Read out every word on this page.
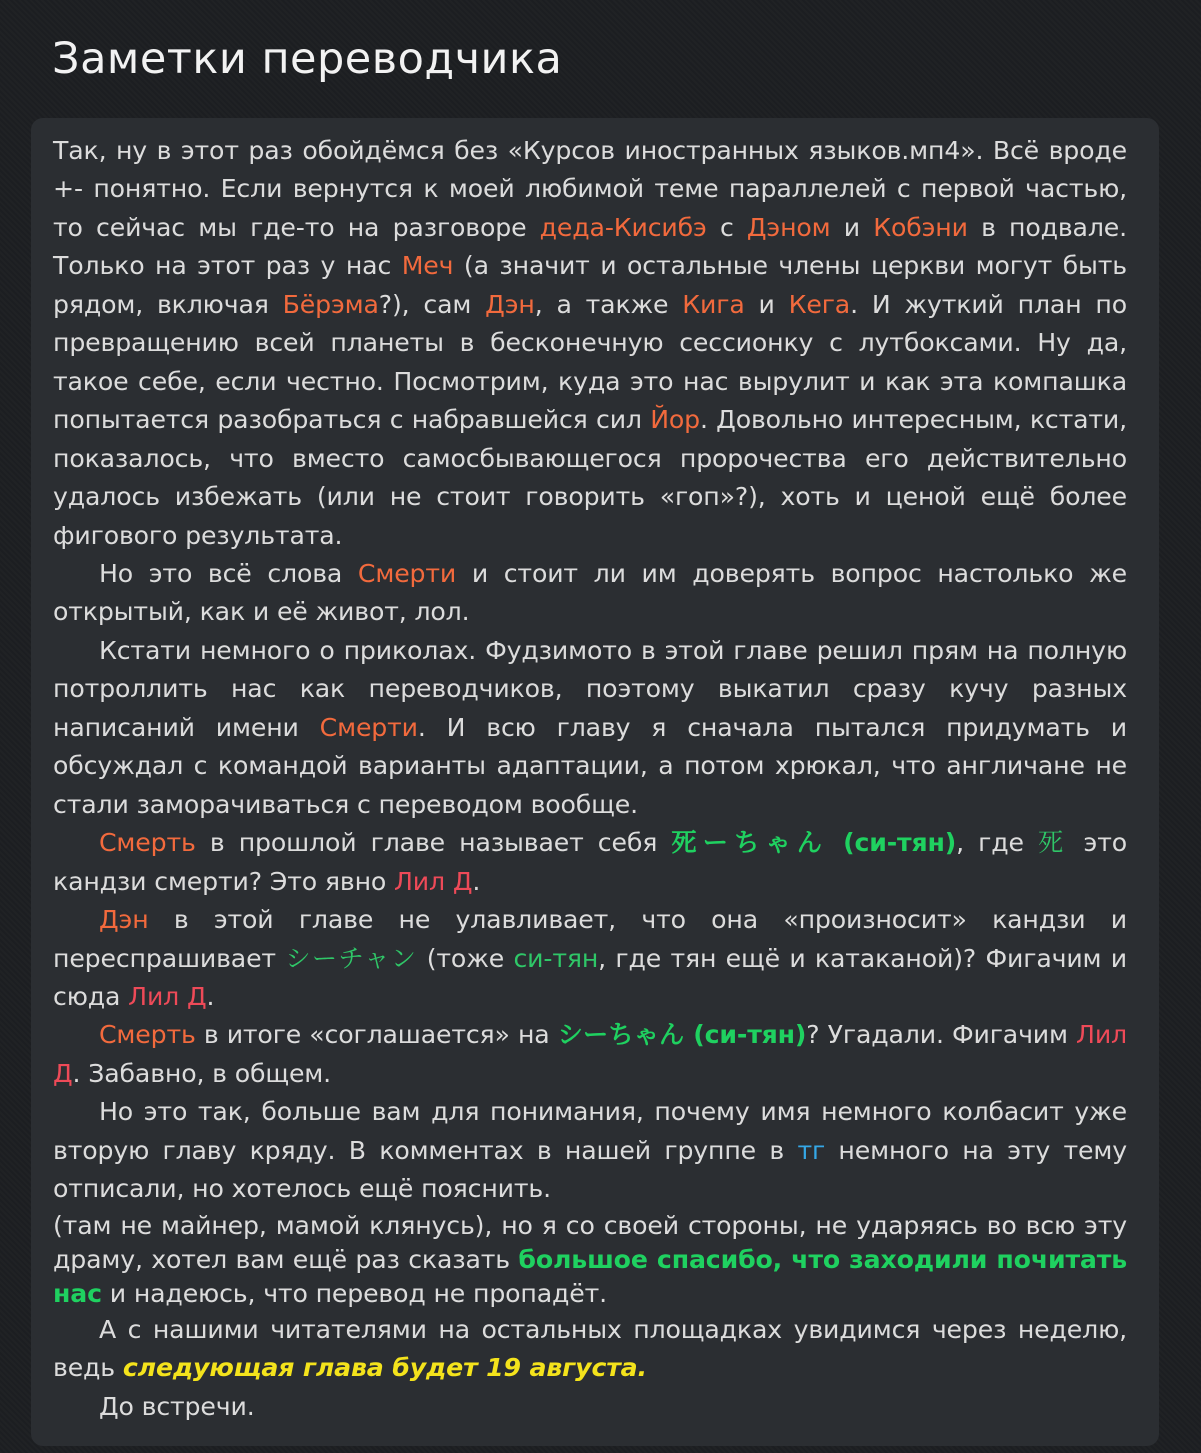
Заметки переводчика

Так, ну в этот раз обойдёмся без «Курсов иностранных языков.мп4». Всё вроде +- понятно. Если вернутся к моей любимой теме параллелей с первой частью, то сейчас мы где-то на разговоре деда-Кисибэ с Дэном и Кобэни в подвале. Только на этот раз у нас Меч (а значит и остальные члены церкви могут быть рядом, включая Бёрэма?), сам Дэн, а также Кига и Кега. И жуткий план по превращению всей планеты в бесконечную сессионку с лутбоксами. Ну да, такое себе, если честно. Посмотрим, куда это нас вырулит и как эта компашка попытается разобраться с набравшейся сил Йор. Довольно интересным, кстати, показалось, что вместо самосбывающегося пророчества его действительно удалось избежать (или не стоит говорить «гоп»?), хоть и ценой ещё более фигового результата.

Но это всё слова Смерти и стоит ли им доверять вопрос настолько же открытый, как и её живот, лол.

Кстати немного о приколах. Фудзимото в этой главе решил прям на полную потроллить нас как переводчиков, поэтому выкатил сразу кучу разных написаний имени Смерти. И всю главу я сначала пытался придумать и обсуждал с командой варианты адаптации, а потом хрюкал, что англичане не стали заморачиваться с переводом вообще.

Смерть в прошлой главе называет себя 死ーちゃん (си-тян), где 死 это кандзи смерти? Это явно Лил Д.

Дэн в этой главе не улавливает, что она «произносит» кандзи и переспрашивает シーチャン (тоже си-тян, где тян ещё и катаканой)? Фигачим и сюда Лил Д.

Смерть в итоге «соглашается» на シーちゃん (си-тян)? Угадали. Фигачим Лил Д. Забавно, в общем.

Но это так, больше вам для понимания, почему имя немного колбасит уже вторую главу кряду. В комментах в нашей группе в тг немного на эту тему отписали, но хотелось ещё пояснить.

(там не майнер, мамой клянусь), но я со своей стороны, не ударяясь во всю эту драму, хотел вам ещё раз сказать большое спасибо, что заходили почитать нас и надеюсь, что перевод не пропадёт.

А с нашими читателями на остальных площадках увидимся через неделю, ведь следующая глава будет 19 августа.

До встречи.
